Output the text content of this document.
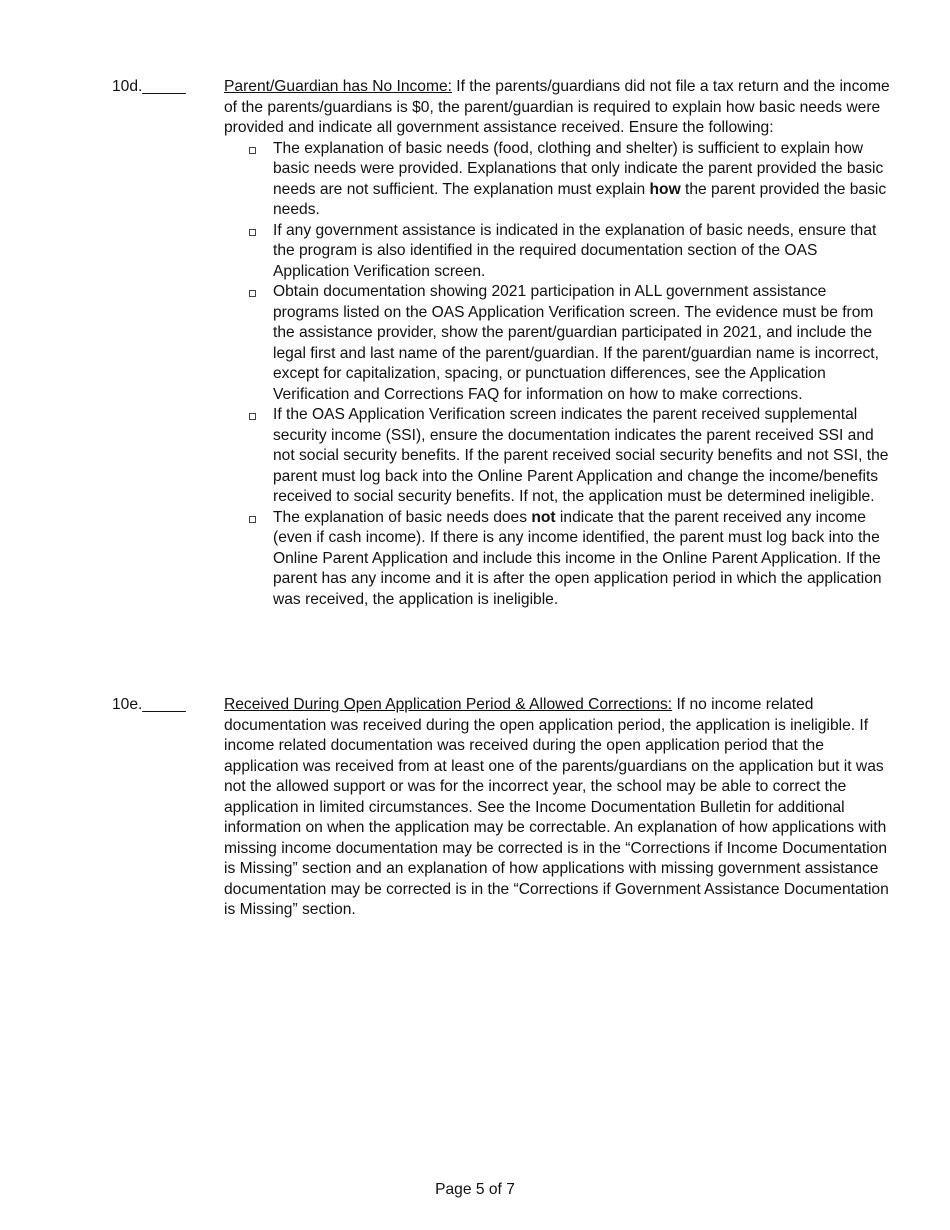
10d._____	Parent/Guardian has No Income: If the parents/guardians did not file a tax return and the income of the parents/guardians is $0, the parent/guardian is required to explain how basic needs were provided and indicate all government assistance received. Ensure the following:

The explanation of basic needs (food, clothing and shelter) is sufficient to explain how basic needs were provided. Explanations that only indicate the parent provided the basic needs are not sufficient. The explanation must explain how the parent provided the basic needs.
If any government assistance is indicated in the explanation of basic needs, ensure that the program is also identified in the required documentation section of the OAS Application Verification screen.
Obtain documentation showing 2021 participation in ALL government assistance programs listed on the OAS Application Verification screen. The evidence must be from the assistance provider, show the parent/guardian participated in 2021, and include the legal first and last name of the parent/guardian. If the parent/guardian name is incorrect, except for capitalization, spacing, or punctuation differences, see the Application Verification and Corrections FAQ for information on how to make corrections.
If the OAS Application Verification screen indicates the parent received supplemental security income (SSI), ensure the documentation indicates the parent received SSI and not social security benefits. If the parent received social security benefits and not SSI, the parent must log back into the Online Parent Application and change the income/benefits received to social security benefits. If not, the application must be determined ineligible.
The explanation of basic needs does not indicate that the parent received any income (even if cash income). If there is any income identified, the parent must log back into the Online Parent Application and include this income in the Online Parent Application. If the parent has any income and it is after the open application period in which the application was received, the application is ineligible.
10e._____	Received During Open Application Period & Allowed Corrections: If no income related documentation was received during the open application period, the application is ineligible. If income related documentation was received during the open application period that the application was received from at least one of the parents/guardians on the application but it was not the allowed support or was for the incorrect year, the school may be able to correct the application in limited circumstances. See the Income Documentation Bulletin for additional information on when the application may be correctable. An explanation of how applications with missing income documentation may be corrected is in the “Corrections if Income Documentation is Missing” section and an explanation of how applications with missing government assistance documentation may be corrected is in the “Corrections if Government Assistance Documentation is Missing” section.

Page 5 of 7
